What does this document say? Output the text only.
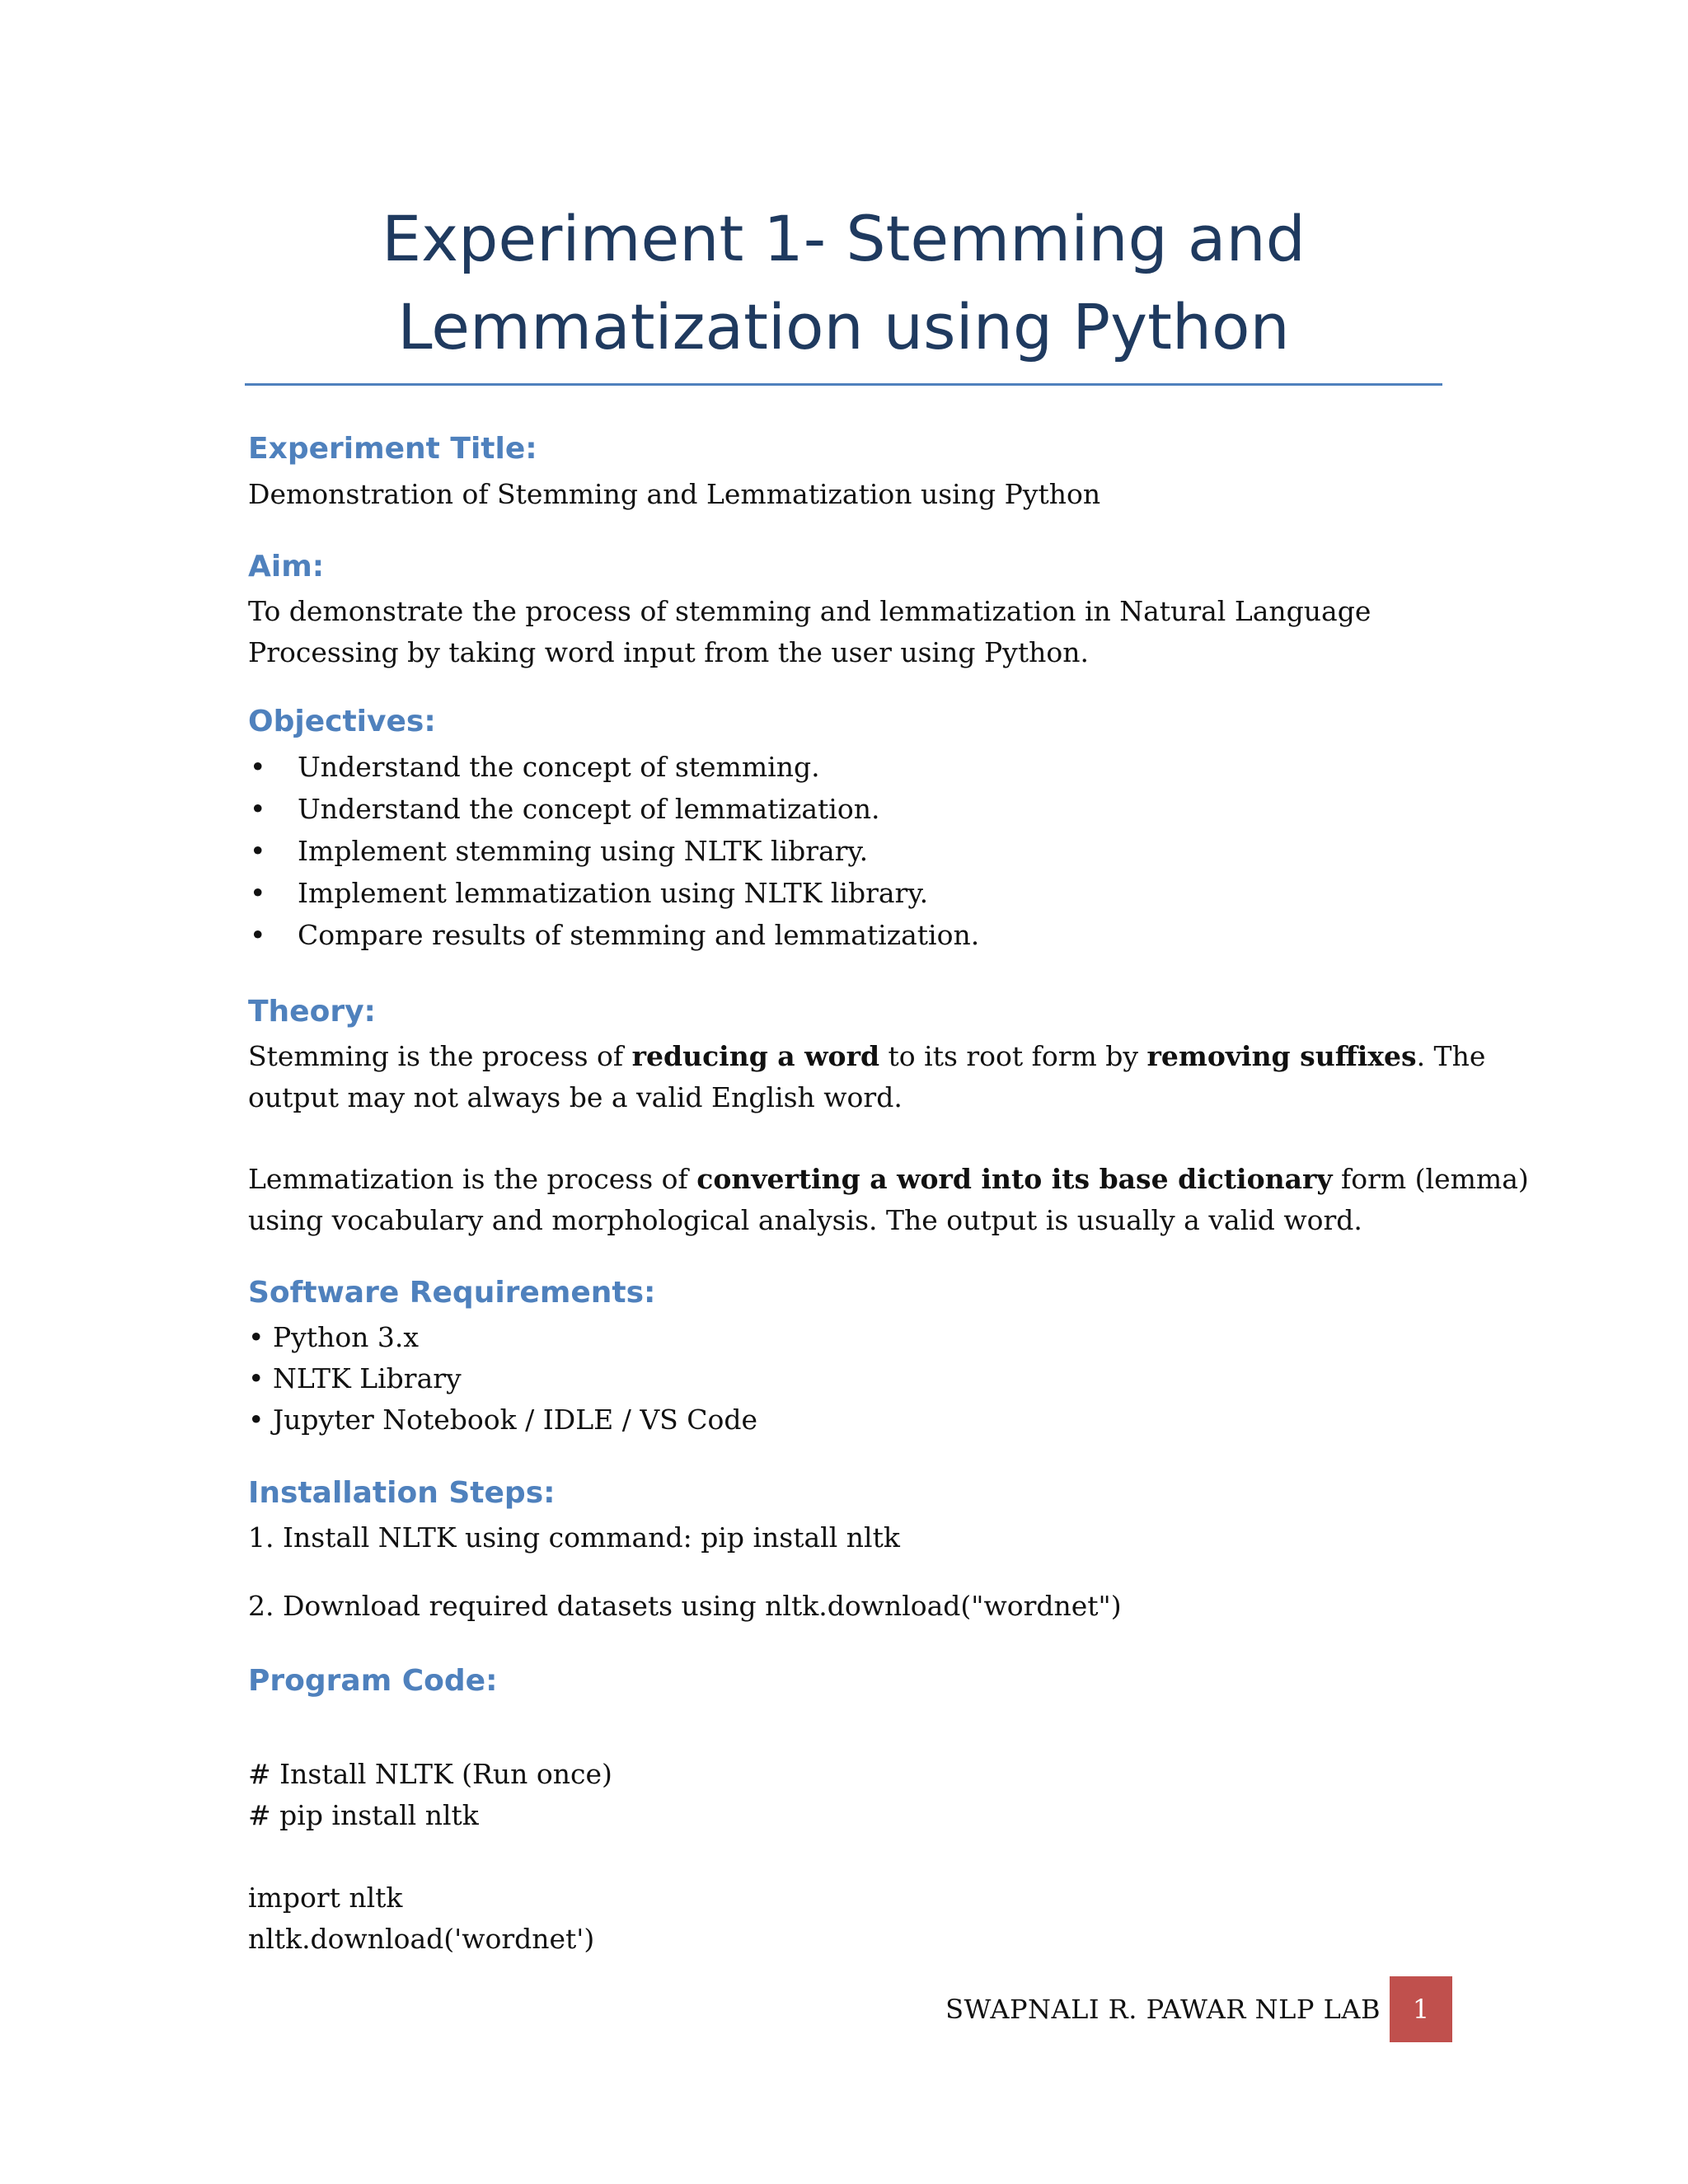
Experiment 1- Stemming and
Lemmatization using Python
Experiment Title:

Demonstration of Stemming and Lemmatization using Python

Aim:

To demonstrate the process of stemming and lemmatization in Natural Language
Processing by taking word input from the user using Python.

Objectives:
• Understand the concept of stemming.
• Understand the concept of lemmatization.
• Implement stemming using NLTK library.
• Implement lemmatization using NLTK library.
• Compare results of stemming and lemmatization.
Theory:

Stemming is the process of reducing a word to its root form by removing suffixes. The
output may not always be a valid English word.

Lemmatization is the process of converting a word into its base dictionary form (lemma)
using vocabulary and morphological analysis. The output is usually a valid word.

Software Requirements:
• Python 3.x
• NLTK Library
• Jupyter Notebook / IDLE / VS Code
Installation Steps:

1. Install NLTK using command: pip install nltk

2. Download required datasets using nltk.download("wordnet")

Program Code:
# Install NLTK (Run once)
# pip install nltk
import nltk
nltk.download('wordnet')
SWAPNALI R. PAWAR NLP LAB	1
